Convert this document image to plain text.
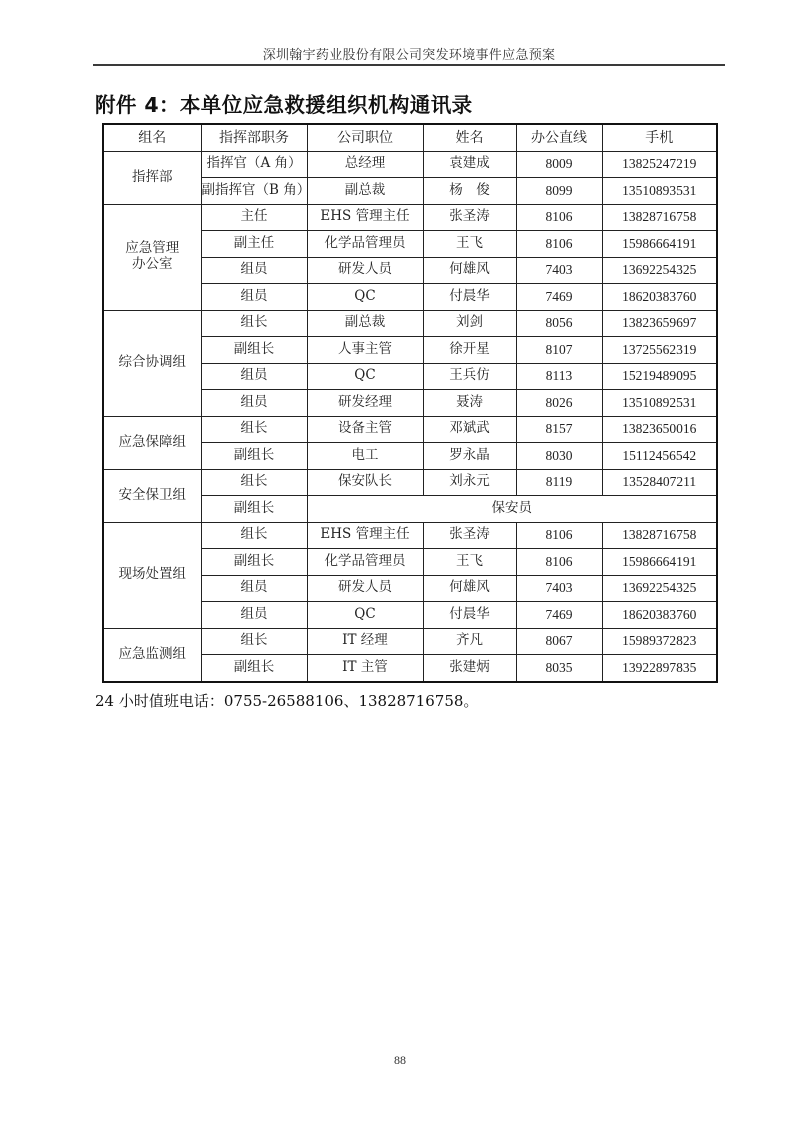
深圳翰宇药业股份有限公司突发环境事件应急预案
附件 4：本单位应急救援组织机构通讯录
组名	指挥部职务	公司职位	姓名	办公直线	手机
指挥部	指挥官（A 角）	总经理	袁建成	8009	13825247219
	副指挥官（B 角）	副总裁	杨　俊	8099	13510893531
应急管理办公室	主任	EHS 管理主任	张圣涛	8106	13828716758
	副主任	化学品管理员	王飞	8106	15986664191
	组员	研发人员	何雄风	7403	13692254325
	组员	QC	付晨华	7469	18620383760
综合协调组	组长	副总裁	刘剑	8056	13823659697
	副组长	人事主管	徐开星	8107	13725562319
	组员	QC	王兵仿	8113	15219489095
	组员	研发经理	聂涛	8026	13510892531
应急保障组	组长	设备主管	邓斌武	8157	13823650016
	副组长	电工	罗永晶	8030	15112456542
安全保卫组	组长	保安队长	刘永元	8119	13528407211
	副组长	保安员			
现场处置组	组长	EHS 管理主任	张圣涛	8106	13828716758
	副组长	化学品管理员	王飞	8106	15986664191
	组员	研发人员	何雄风	7403	13692254325
	组员	QC	付晨华	7469	18620383760
应急监测组	组长	IT 经理	齐凡	8067	15989372823
	副组长	IT 主管	张建炳	8035	13922897835
24 小时值班电话：0755-26588106、13828716758。
88
